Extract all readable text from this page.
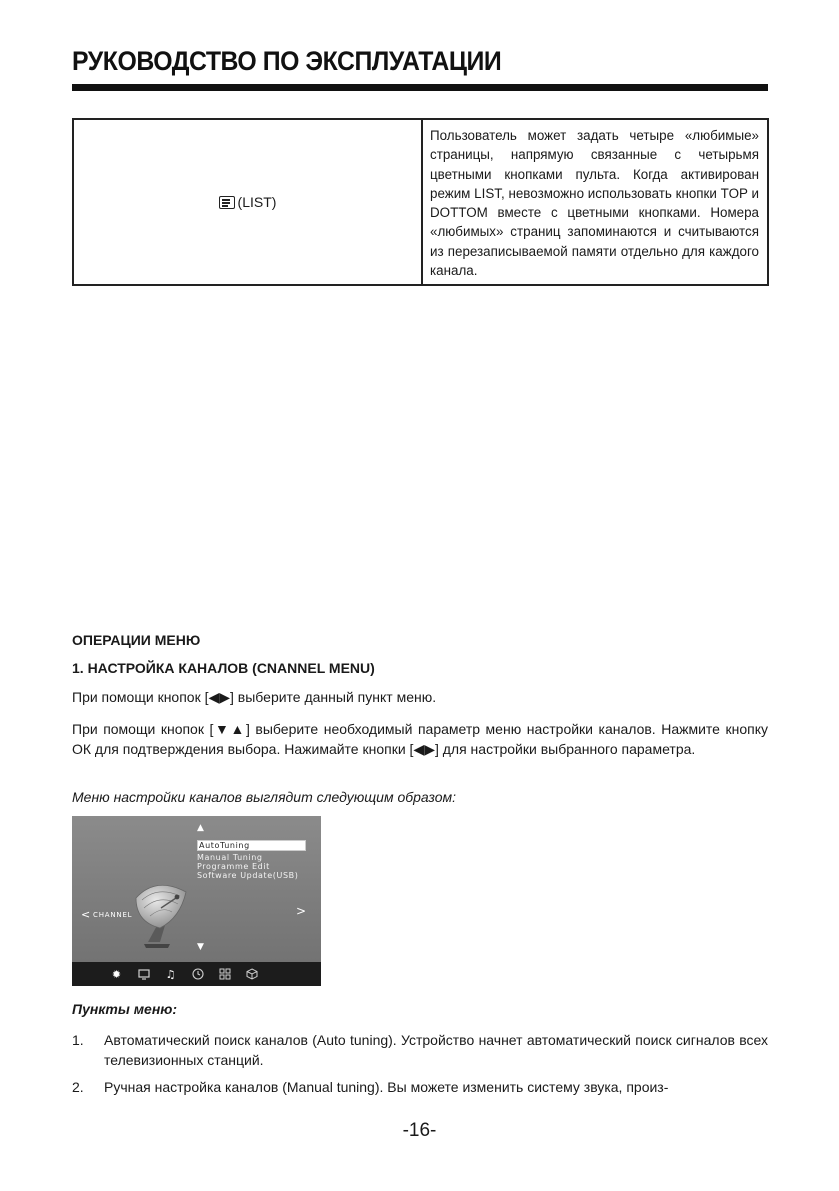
РУКОВОДСТВО ПО ЭКСПЛУАТАЦИИ
(LIST)	Пользователь может задать четыре «любимые» страницы, напрямую связанные с четырьмя цветными кнопками пульта. Когда активирован режим LIST, невозможно использовать кнопки TOP и DOTTOM вместе с цветными кнопками. Номера «любимых» страниц запоминаются и считываются из перезаписываемой памяти отдельно для каждого канала.
ОПЕРАЦИИ МЕНЮ
1. НАСТРОЙКА КАНАЛОВ (CNANNEL MENU)
При помощи кнопок [◀▶] выберите данный пункт меню.
При помощи кнопок [▼▲] выберите необходимый параметр меню настройки каналов. Нажмите кнопку ОК для подтверждения выбора. Нажимайте кнопки [◀▶] для настройки выбранного параметра.
Меню настройки каналов выглядит следующим образом:
▲
AutoTuning
Manual Tuning
Programme Edit
Software Update(USB)
▼
< CHANNEL	>
✹	♫
Пункты меню:
1. Автоматический поиск каналов (Auto tuning). Устройство начнет автоматический поиск сигналов всех телевизионных станций.
2. Ручная настройка каналов (Manual tuning). Вы можете изменить систему звука, произ-
-16-
